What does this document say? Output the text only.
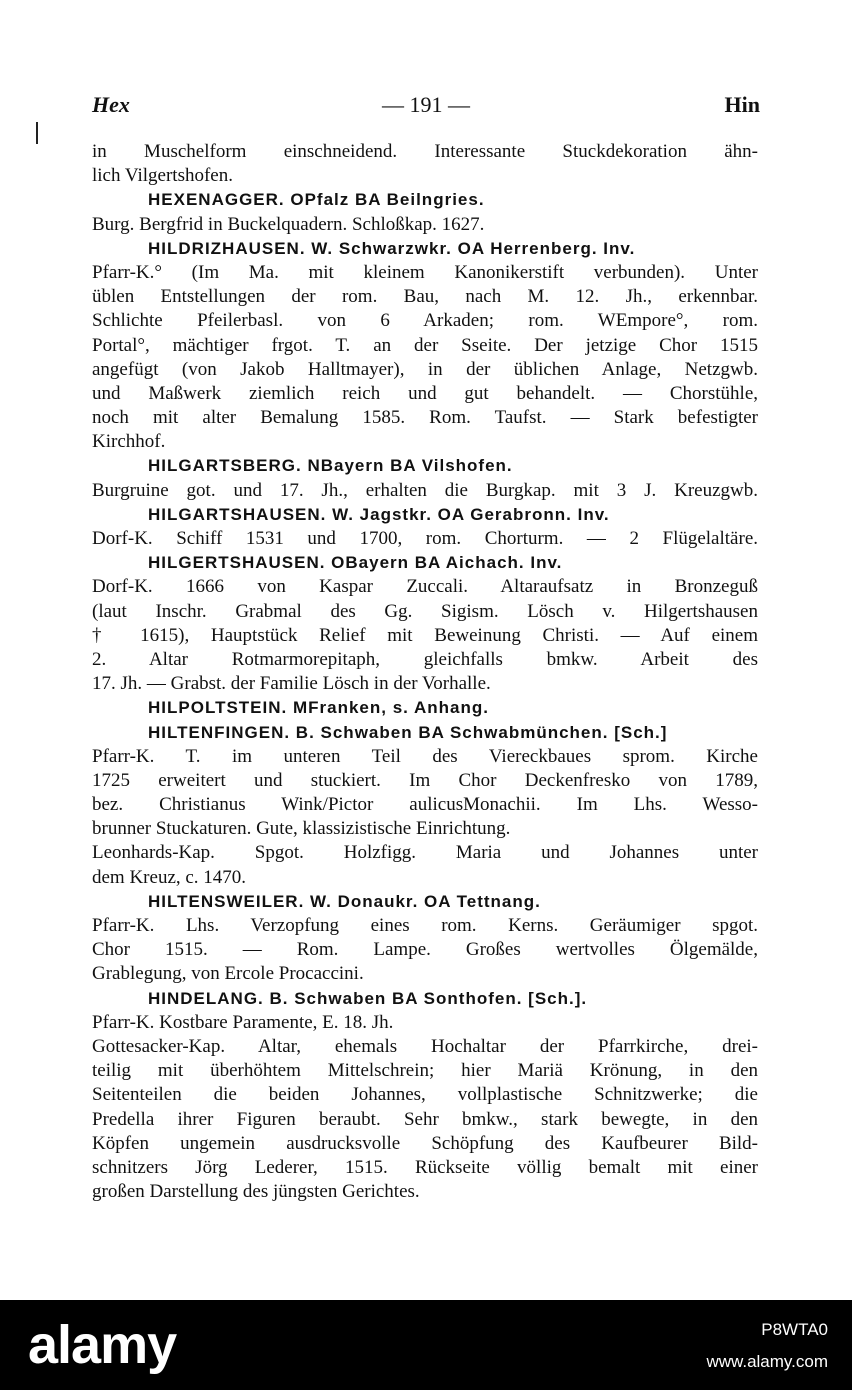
Hex	— 191 —	Hin
in Muschelform einschneidend. Interessante Stuckdekoration ähn-
lich Vilgertshofen.
HEXENAGGER. OPfalz BA Beilngries.
Burg. Bergfrid in Buckelquadern. Schloßkap. 1627.
HILDRIZHAUSEN. W. Schwarzwkr. OA Herrenberg. Inv.
Pfarr-K.° (Im Ma. mit kleinem Kanonikerstift verbunden). Unter
üblen Entstellungen der rom. Bau, nach M. 12. Jh., erkennbar.
Schlichte Pfeilerbasl. von 6 Arkaden; rom. WEmpore°, rom.
Portal°, mächtiger frgot. T. an der Sseite. Der jetzige Chor 1515
angefügt (von Jakob Halltmayer), in der üblichen Anlage, Netzgwb.
und Maßwerk ziemlich reich und gut behandelt. — Chorstühle,
noch mit alter Bemalung 1585. Rom. Taufst. — Stark befestigter
Kirchhof.
HILGARTSBERG. NBayern BA Vilshofen.
Burgruine got. und 17. Jh., erhalten die Burgkap. mit 3 J. Kreuzgwb.
HILGARTSHAUSEN. W. Jagstkr. OA Gerabronn. Inv.
Dorf-K. Schiff 1531 und 1700, rom. Chorturm. — 2 Flügelaltäre.
HILGERTSHAUSEN. OBayern BA Aichach. Inv.
Dorf-K. 1666 von Kaspar Zuccali. Altaraufsatz in Bronzeguß
(laut Inschr. Grabmal des Gg. Sigism. Lösch v. Hilgertshausen
† 1615), Hauptstück Relief mit Beweinung Christi. — Auf einem
2. Altar Rotmarmorepitaph, gleichfalls bmkw. Arbeit des
17. Jh. — Grabst. der Familie Lösch in der Vorhalle.
HILPOLTSTEIN. MFranken, s. Anhang.
HILTENFINGEN. B. Schwaben BA Schwabmünchen. [Sch.]
Pfarr-K. T. im unteren Teil des Viereckbaues sprom. Kirche
1725 erweitert und stuckiert. Im Chor Deckenfresko von 1789,
bez. Christianus Wink/Pictor aulicusMonachii. Im Lhs. Wesso-
brunner Stuckaturen. Gute, klassizistische Einrichtung.
Leonhards-Kap. Spgot. Holzfigg. Maria und Johannes unter
dem Kreuz, c. 1470.
HILTENSWEILER. W. Donaukr. OA Tettnang.
Pfarr-K. Lhs. Verzopfung eines rom. Kerns. Geräumiger spgot.
Chor 1515. — Rom. Lampe. Großes wertvolles Ölgemälde,
Grablegung, von Ercole Procaccini.
HINDELANG. B. Schwaben BA Sonthofen. [Sch.].
Pfarr-K. Kostbare Paramente, E. 18. Jh.
Gottesacker-Kap. Altar, ehemals Hochaltar der Pfarrkirche, drei-
teilig mit überhöhtem Mittelschrein; hier Mariä Krönung, in den
Seitenteilen die beiden Johannes, vollplastische Schnitzwerke; die
Predella ihrer Figuren beraubt. Sehr bmkw., stark bewegte, in den
Köpfen ungemein ausdrucksvolle Schöpfung des Kaufbeurer Bild-
schnitzers Jörg Lederer, 1515. Rückseite völlig bemalt mit einer
großen Darstellung des jüngsten Gerichtes.
alamy	P8WTA0
www.alamy.com
